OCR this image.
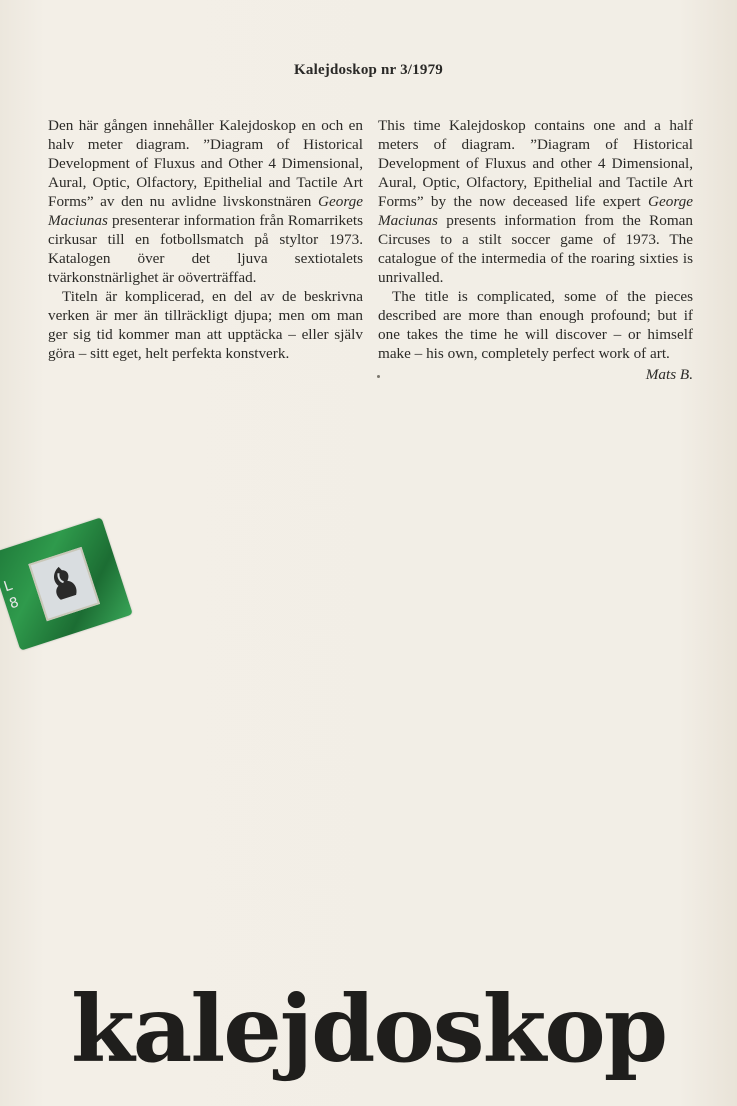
Kalejdoskop nr 3/1979

Den här gången innehåller Kalejdoskop en och en halv meter diagram. ”Diagram of Historical Development of Fluxus and Other 4 Dimensional, Aural, Optic, Olfactory, Epithelial and Tactile Art Forms” av den nu avlidne livskonstnären George Maciunas presenterar information från Romarrikets cirkusar till en fotbollsmatch på styltor 1973. Katalogen över det ljuva sextiotalets tvärkonstnärlighet är oöverträffad.

Titeln är komplicerad, en del av de beskrivna verken är mer än tillräckligt djupa; men om man ger sig tid kommer man att upptäcka – eller själv göra – sitt eget, helt perfekta konstverk.

This time Kalejdoskop contains one and a half meters of diagram. ”Diagram of Historical Development of Fluxus and other 4 Dimensional, Aural, Optic, Olfactory, Epithelial and Tactile Art Forms” by the now deceased life expert George Maciunas presents information from the Roman Circuses to a stilt soccer game of 1973. The catalogue of the intermedia of the roaring sixties is unrivalled.

The title is complicated, some of the pieces described are more than enough profound; but if one takes the time he will discover – or himself make – his own, completely perfect work of art.

Mats B.
L
8
kalejdoskop
